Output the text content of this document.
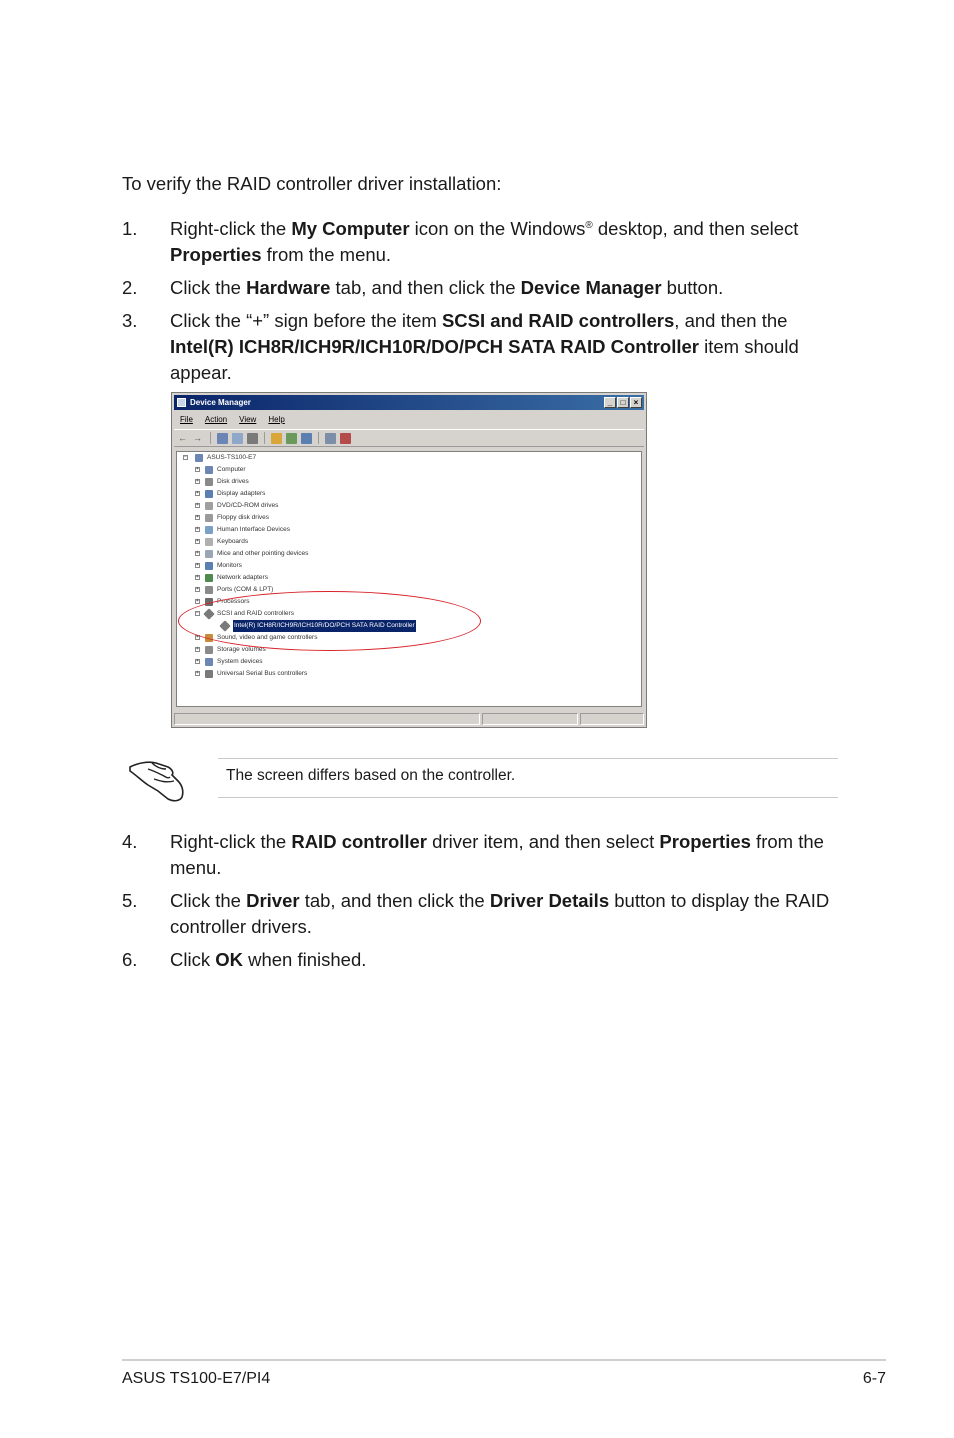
To verify the RAID controller driver installation:

1. Right-click the My Computer icon on the Windows® desktop, and then select Properties from the menu.
2. Click the Hardware tab, and then click the Device Manager button.
3. Click the “+” sign before the item SCSI and RAID controllers, and then the Intel(R) ICH8R/ICH9R/ICH10R/DO/PCH SATA RAID Controller item should appear.
Device Manager	_	□	×
File Action View Help
← →
−	ASUS-TS100-E7
+	Computer
+	Disk drives
+	Display adapters
+	DVD/CD-ROM drives
+	Floppy disk drives
+	Human Interface Devices
+	Keyboards
+	Mice and other pointing devices
+	Monitors
+	Network adapters
+	Ports (COM & LPT)
+	Processors
−	SCSI and RAID controllers
Intel(R) ICH8R/ICH9R/ICH10R/DO/PCH SATA RAID Controller
+	Sound, video and game controllers
+	Storage volumes
+	System devices
+	Universal Serial Bus controllers
The screen differs based on the controller.
4. Right-click the RAID controller driver item, and then select Properties from the menu.
5. Click the Driver tab, and then click the Driver Details button to display the RAID controller drivers.
6. Click OK when finished.
ASUS TS100-E7/PI4	6-7
